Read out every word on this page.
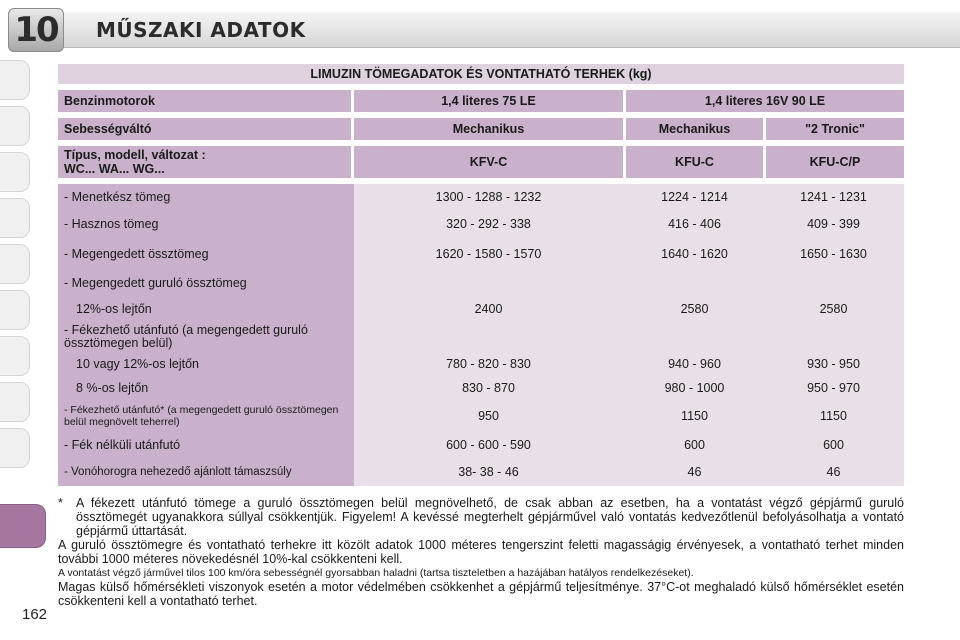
10	MŰSZAKI ADATOK
162
LIMUZIN TÖMEGADATOK ÉS VONTATHATÓ TERHEK (kg)			

Benzinmotorok	1,4 literes 75 LE	1,4 literes 16V 90 LE	

Sebességváltó	Mechanikus	Mechanikus	"2 Tronic"

Típus, modell, változat :
WC... WA... WG...	KFV-C	KFU-C	KFU-C/P

- Menetkész tömeg	1300 - 1288 - 1232	1224 - 1214	1241 - 1231
- Hasznos tömeg	320 - 292 - 338	416 - 406	409 - 399
- Megengedett össztömeg	1620 - 1580 - 1570	1640 - 1620	1650 - 1630
- Megengedett guruló össztömeg			
12%-os lejtőn	2400	2580	2580
- Fékezhető utánfutó (a megengedett guruló össztömegen belül)			
10 vagy 12%-os lejtőn	780 - 820 - 830	940 - 960	930 - 950
8 %-os lejtőn	830 - 870	980 - 1000	950 - 970
- Fékezhető utánfutó* (a megengedett guruló össztömegen belül megnövelt teherrel)	950	1150	1150
- Fék nélküli utánfutó	600 - 600 - 590	600	600
- Vonóhorogra nehezedő ajánlott támaszsúly	38- 38 - 46	46	46
*	A fékezett utánfutó tömege a guruló össztömegen belül megnövelhető, de csak abban az esetben, ha a vontatást végző gépjármű guruló össztömegét ugyanakkora súllyal csökkentjük. Figyelem! A kevéssé megterhelt gépjárművel való vontatás kedvezőtlenül befolyásolhatja a vontató gépjármű úttartását.

A guruló össztömegre és vontatható terhekre itt közölt adatok 1000 méteres tengerszint feletti magasságig érvényesek, a vontatható terhet minden további 1000 méteres növekedésnél 10%-kal csökkenteni kell.

A vontatást végző járművel tilos 100 km/óra sebességnél gyorsabban haladni (tartsa tiszteletben a hazájában hatályos rendelkezéseket).

Magas külső hőmérsékleti viszonyok esetén a motor védelmében csökkenhet a gépjármű teljesítménye. 37°C-ot meghaladó külső hőmérséklet esetén csökkenteni kell a vontatható terhet.
